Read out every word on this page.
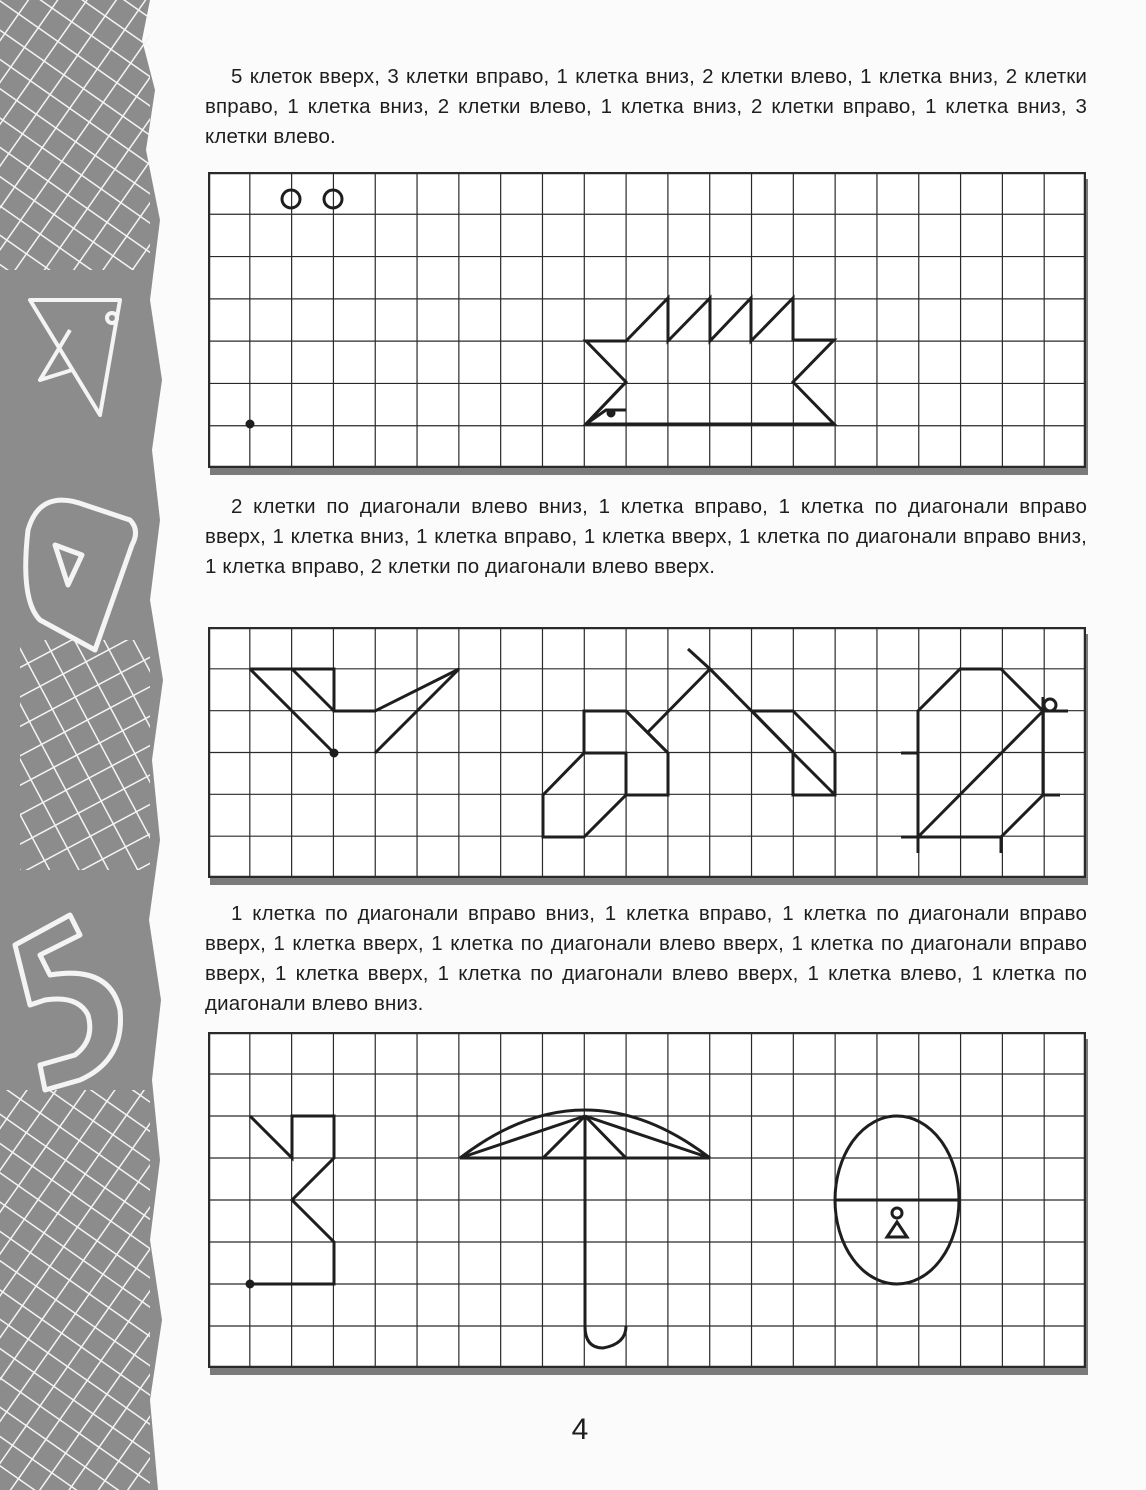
5 клеток вверх, 3 клетки вправо, 1 клетка вниз, 2 клетки влево, 1 клетка вниз, 2 клетки вправо, 1 клетка вниз, 2 клетки влево, 1 клетка вниз, 2 клетки вправо, 1 клетка вниз, 3 клетки влево.

2 клетки по диагонали влево вниз, 1 клетка вправо, 1 клетка по диагонали вправо вверх, 1 клетка вниз, 1 клетка вправо, 1 клетка вверх, 1 клетка по диагонали вправо вниз, 1 клетка вправо, 2 клетки по диагонали влево вверх.

1 клетка по диагонали вправо вниз, 1 клетка вправо, 1 клетка по диагонали вправо вверх, 1 клетка вверх, 1 клетка по диагонали влево вверх, 1 клетка по диагонали вправо вверх, 1 клетка вверх, 1 клетка по диагонали влево вверх, 1 клетка влево, 1 клетка по диагонали влево вниз.

4
